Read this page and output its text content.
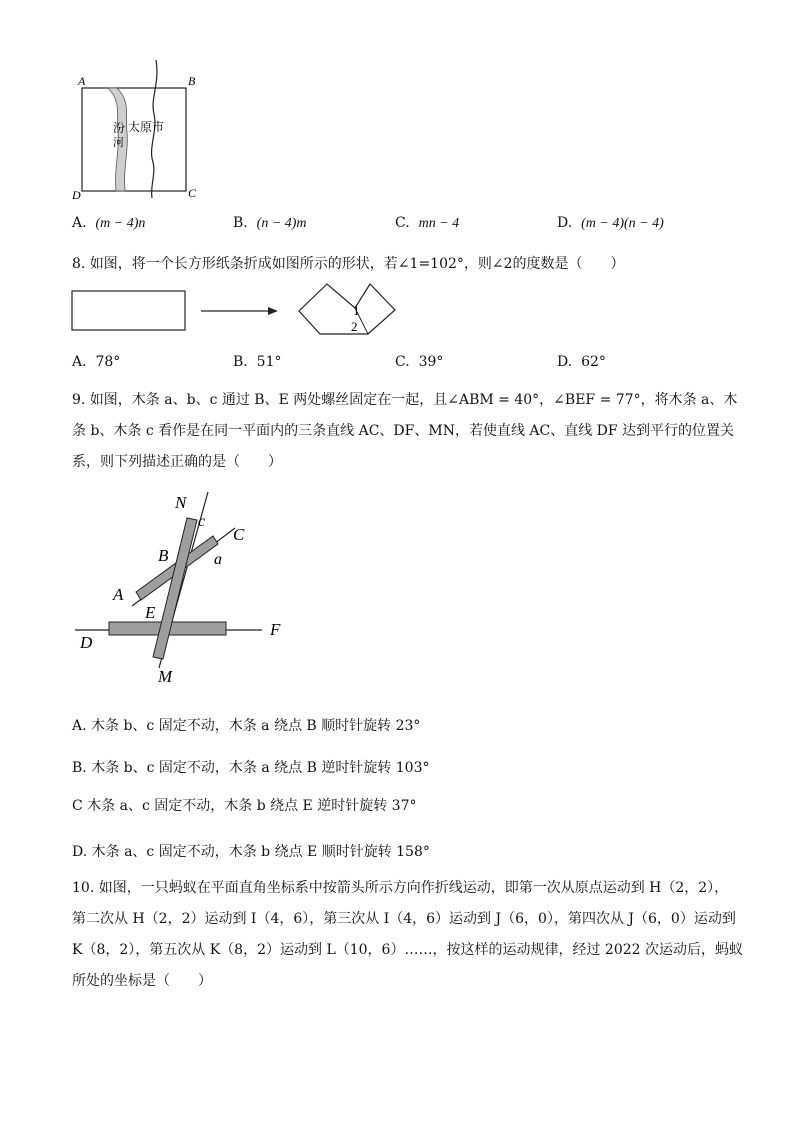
A	B
C
D
汾
河
太原市
A. (m − 4)n	B. (n − 4)m	C. mn − 4	D. (m − 4)(n − 4)
8. 如图，将一个长方形纸条折成如图所示的形状，若∠1=102°，则∠2的度数是（　　）
1
2
A. 78°	B. 51°	C. 39°	D. 62°
9. 如图，木条 a、b、c 通过 B、E 两处螺丝固定在一起，且∠ABM = 40°，∠BEF = 77°，将木条 a、木
条 b、木条 c 看作是在同一平面内的三条直线 AC、DF、MN，若使直线 AC、直线 DF 达到平行的位置关
系，则下列描述正确的是（　　）
N
c
C
B	a
A
E
D
F
M
A. 木条 b、c 固定不动，木条 a 绕点 B 顺时针旋转 23°
B. 木条 b、c 固定不动，木条 a 绕点 B 逆时针旋转 103°
C 木条 a、c 固定不动，木条 b 绕点 E 逆时针旋转 37°
D. 木条 a、c 固定不动，木条 b 绕点 E 顺时针旋转 158°
10. 如图，一只蚂蚁在平面直角坐标系中按箭头所示方向作折线运动，即第一次从原点运动到 H（2，2），
第二次从 H（2，2）运动到 I（4，6），第三次从 I（4，6）运动到 J（6，0），第四次从 J（6，0）运动到
K（8，2），第五次从 K（8，2）运动到 L（10，6）……，按这样的运动规律，经过 2022 次运动后，蚂蚁
所处的坐标是（　　）
